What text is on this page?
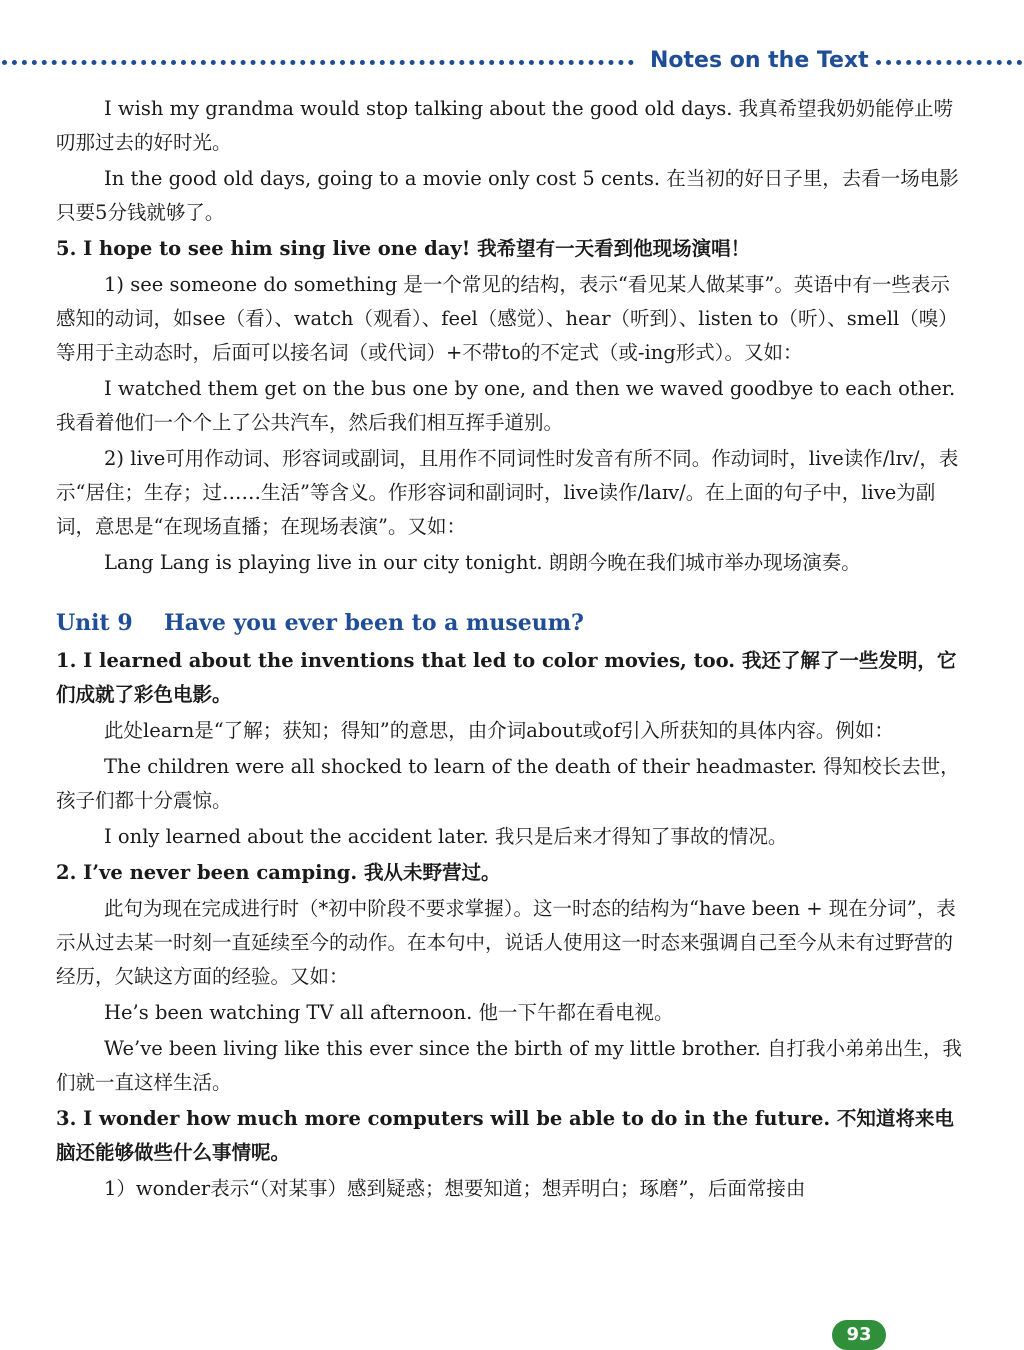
Notes on the Text

I wish my grandma would stop talking about the good old days. 我真希望我奶奶能停止唠叨那过去的好时光。

In the good old days, going to a movie only cost 5 cents. 在当初的好日子里，去看一场电影只要5分钱就够了。

5. I hope to see him sing live one day! 我希望有一天看到他现场演唱！

1) see someone do something 是一个常见的结构，表示“看见某人做某事”。英语中有一些表示感知的动词，如see（看）、watch（观看）、feel（感觉）、hear（听到）、listen to（听）、smell（嗅）等用于主动态时，后面可以接名词（或代词）+不带to的不定式（或-ing形式）。又如：

I watched them get on the bus one by one, and then we waved goodbye to each other. 我看着他们一个个上了公共汽车，然后我们相互挥手道别。

2) live可用作动词、形容词或副词，且用作不同词性时发音有所不同。作动词时，live读作/lɪv/，表示“居住；生存；过……生活”等含义。作形容词和副词时，live读作/laɪv/。在上面的句子中，live为副词，意思是“在现场直播；在现场表演”。又如：

Lang Lang is playing live in our city tonight. 朗朗今晚在我们城市举办现场演奏。

Unit 9 Have you ever been to a museum?

1. I learned about the inventions that led to color movies, too. 我还了解了一些发明，它们成就了彩色电影。

此处learn是“了解；获知；得知”的意思，由介词about或of引入所获知的具体内容。例如：

The children were all shocked to learn of the death of their headmaster. 得知校长去世，孩子们都十分震惊。

I only learned about the accident later. 我只是后来才得知了事故的情况。

2. I’ve never been camping. 我从未野营过。

此句为现在完成进行时（*初中阶段不要求掌握）。这一时态的结构为“have been + 现在分词”，表示从过去某一时刻一直延续至今的动作。在本句中，说话人使用这一时态来强调自己至今从未有过野营的经历，欠缺这方面的经验。又如：

He’s been watching TV all afternoon. 他一下午都在看电视。

We’ve been living like this ever since the birth of my little brother. 自打我小弟弟出生，我们就一直这样生活。

3. I wonder how much more computers will be able to do in the future. 不知道将来电脑还能够做些什么事情呢。

1）wonder表示“（对某事）感到疑惑；想要知道；想弄明白；琢磨”，后面常接由

93
